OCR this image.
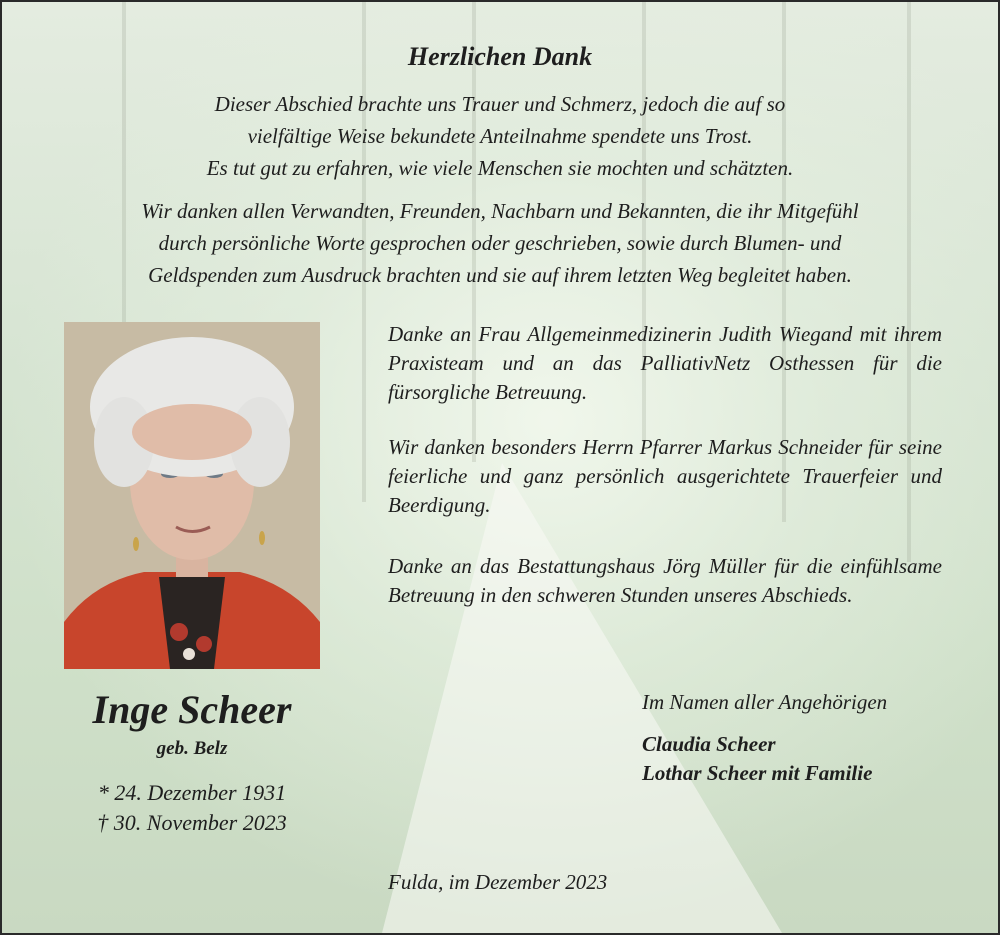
Herzlichen Dank
Dieser Abschied brachte uns Trauer und Schmerz, jedoch die auf so
vielfältige Weise bekundete Anteilnahme spendete uns Trost.
Es tut gut zu erfahren, wie viele Menschen sie mochten und schätzten.
Wir danken allen Verwandten, Freunden, Nachbarn und Bekannten, die ihr Mitgefühl
durch persönliche Worte gesprochen oder geschrieben, sowie durch Blumen- und
Geldspenden zum Ausdruck brachten und sie auf ihrem letzten Weg begleitet haben.
Danke an Frau Allgemeinmedizinerin Judith Wiegand mit ihrem Praxisteam und an das PalliativNetz Osthessen für die fürsorgliche Betreuung.
Wir danken besonders Herrn Pfarrer Markus Schneider für seine feierliche und ganz persönlich ausgerichtete Trauerfeier und Beerdigung.
Danke an das Bestattungshaus Jörg Müller für die einfühlsame Betreuung in den schweren Stunden unseres Abschieds.
Inge Scheer
geb. Belz
* 24. Dezember 1931
† 30. November 2023
Im Namen aller Angehörigen
Claudia Scheer
Lothar Scheer mit Familie
Fulda, im Dezember 2023
